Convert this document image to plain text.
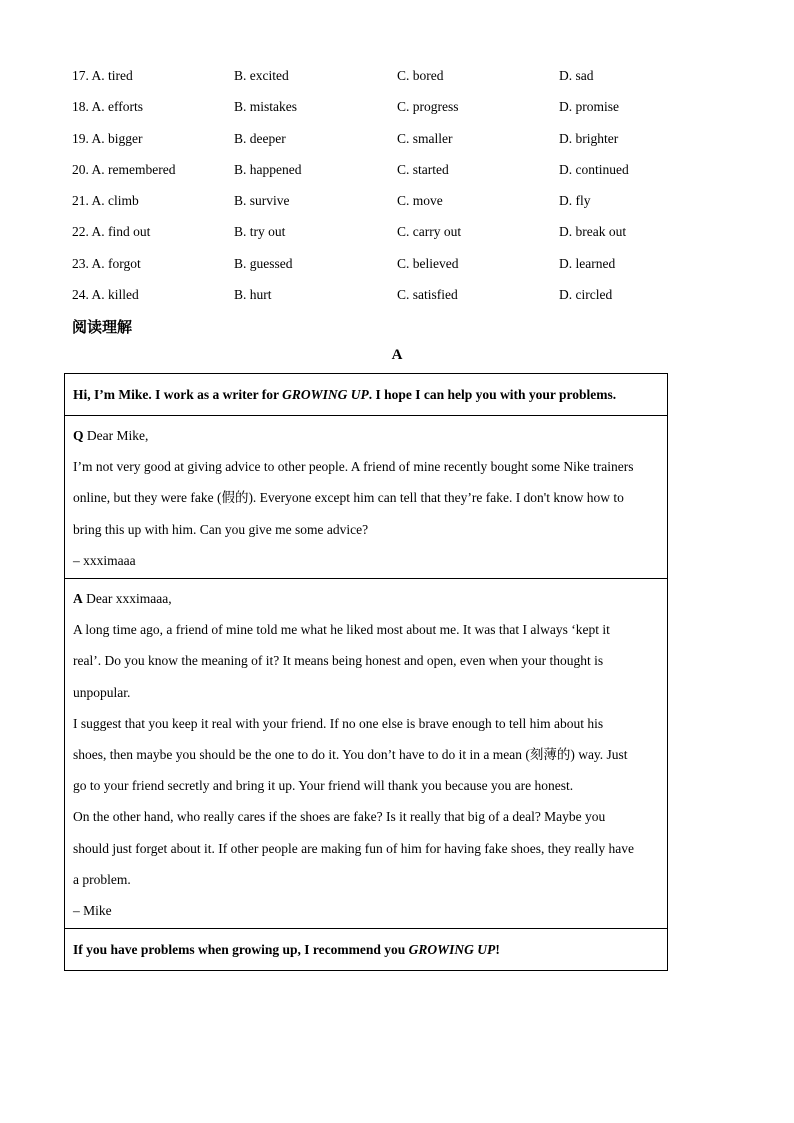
17. A. tired	B. excited	C. bored	D. sad
18. A. efforts	B. mistakes	C. progress	D. promise
19. A. bigger	B. deeper	C. smaller	D. brighter
20. A. remembered	B. happened	C. started	D. continued
21. A. climb	B. survive	C. move	D. fly
22. A. find out	B. try out	C. carry out	D. break out
23. A. forgot	B. guessed	C. believed	D. learned
24. A. killed	B. hurt	C. satisfied	D. circled
阅读理解
A
Hi, I’m Mike. I work as a writer for GROWING UP. I hope I can help you with your problems.

Q Dear Mike,

I’m not very good at giving advice to other people. A friend of mine recently bought some Nike trainers

online, but they were fake (假的). Everyone except him can tell that they’re fake. I don't know how to

bring this up with him. Can you give me some advice?

– xxximaaa

A Dear xxximaaa,

A long time ago, a friend of mine told me what he liked most about me. It was that I always ‘kept it

real’. Do you know the meaning of it? It means being honest and open, even when your thought is

unpopular.

I suggest that you keep it real with your friend. If no one else is brave enough to tell him about his

shoes, then maybe you should be the one to do it. You don’t have to do it in a mean (刻薄的) way. Just

go to your friend secretly and bring it up. Your friend will thank you because you are honest.

On the other hand, who really cares if the shoes are fake? Is it really that big of a deal? Maybe you

should just forget about it. If other people are making fun of him for having fake shoes, they really have

a problem.

– Mike

If you have problems when growing up, I recommend you GROWING UP!
